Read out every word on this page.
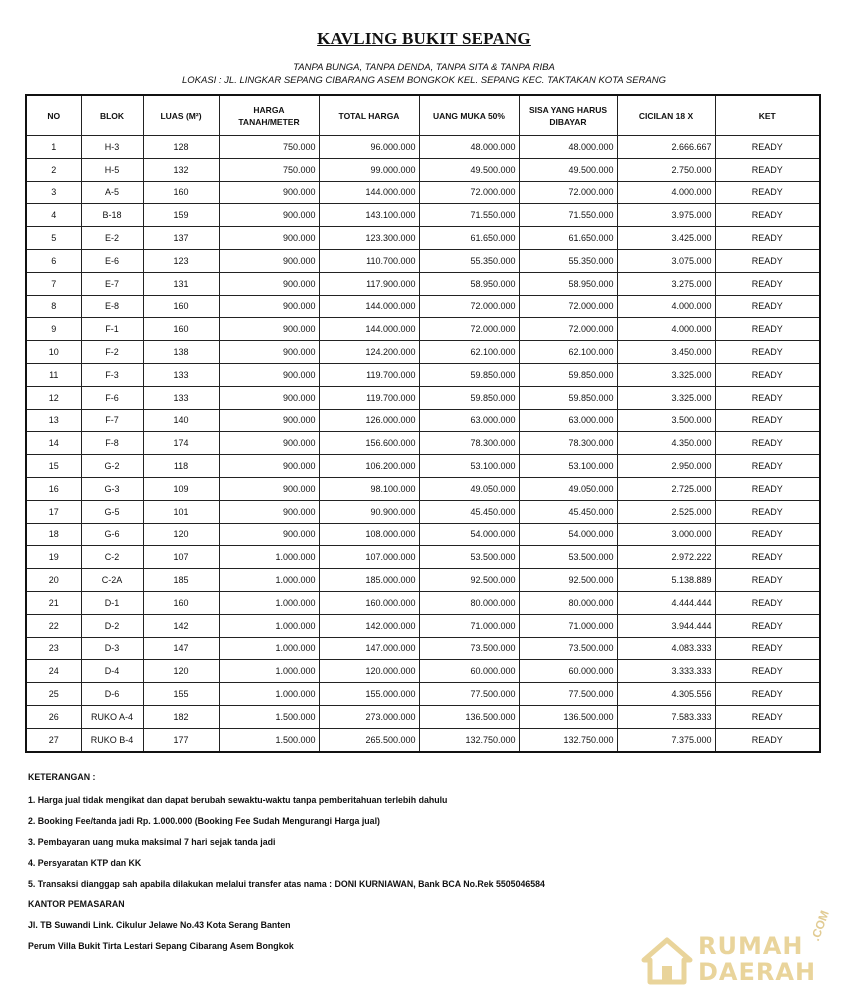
KAVLING BUKIT SEPANG
TANPA BUNGA, TANPA DENDA, TANPA SITA & TANPA RIBA
LOKASI : JL. LINGKAR SEPANG CIBARANG ASEM BONGKOK KEL. SEPANG KEC. TAKTAKAN KOTA SERANG
NO	BLOK	LUAS (M²)	HARGA TANAH/METER	TOTAL HARGA	UANG MUKA 50%	SISA YANG HARUS DIBAYAR	CICILAN 18 X	KET
1	H-3	128	750.000	96.000.000	48.000.000	48.000.000	2.666.667	READY
2	H-5	132	750.000	99.000.000	49.500.000	49.500.000	2.750.000	READY
3	A-5	160	900.000	144.000.000	72.000.000	72.000.000	4.000.000	READY
4	B-18	159	900.000	143.100.000	71.550.000	71.550.000	3.975.000	READY
5	E-2	137	900.000	123.300.000	61.650.000	61.650.000	3.425.000	READY
6	E-6	123	900.000	110.700.000	55.350.000	55.350.000	3.075.000	READY
7	E-7	131	900.000	117.900.000	58.950.000	58.950.000	3.275.000	READY
8	E-8	160	900.000	144.000.000	72.000.000	72.000.000	4.000.000	READY
9	F-1	160	900.000	144.000.000	72.000.000	72.000.000	4.000.000	READY
10	F-2	138	900.000	124.200.000	62.100.000	62.100.000	3.450.000	READY
11	F-3	133	900.000	119.700.000	59.850.000	59.850.000	3.325.000	READY
12	F-6	133	900.000	119.700.000	59.850.000	59.850.000	3.325.000	READY
13	F-7	140	900.000	126.000.000	63.000.000	63.000.000	3.500.000	READY
14	F-8	174	900.000	156.600.000	78.300.000	78.300.000	4.350.000	READY
15	G-2	118	900.000	106.200.000	53.100.000	53.100.000	2.950.000	READY
16	G-3	109	900.000	98.100.000	49.050.000	49.050.000	2.725.000	READY
17	G-5	101	900.000	90.900.000	45.450.000	45.450.000	2.525.000	READY
18	G-6	120	900.000	108.000.000	54.000.000	54.000.000	3.000.000	READY
19	C-2	107	1.000.000	107.000.000	53.500.000	53.500.000	2.972.222	READY
20	C-2A	185	1.000.000	185.000.000	92.500.000	92.500.000	5.138.889	READY
21	D-1	160	1.000.000	160.000.000	80.000.000	80.000.000	4.444.444	READY
22	D-2	142	1.000.000	142.000.000	71.000.000	71.000.000	3.944.444	READY
23	D-3	147	1.000.000	147.000.000	73.500.000	73.500.000	4.083.333	READY
24	D-4	120	1.000.000	120.000.000	60.000.000	60.000.000	3.333.333	READY
25	D-6	155	1.000.000	155.000.000	77.500.000	77.500.000	4.305.556	READY
26	RUKO A-4	182	1.500.000	273.000.000	136.500.000	136.500.000	7.583.333	READY
27	RUKO B-4	177	1.500.000	265.500.000	132.750.000	132.750.000	7.375.000	READY
KETERANGAN :
1. Harga jual tidak mengikat dan dapat berubah sewaktu-waktu tanpa pemberitahuan terlebih dahulu
2. Booking Fee/tanda jadi Rp. 1.000.000 (Booking Fee Sudah Mengurangi Harga jual)
3. Pembayaran uang muka maksimal 7 hari sejak tanda jadi
4. Persyaratan KTP dan KK
5. Transaksi dianggap sah apabila dilakukan melalui transfer atas nama : DONI KURNIAWAN, Bank BCA No.Rek 5505046584
KANTOR PEMASARAN
Jl. TB Suwandi Link. Cikulur Jelawe No.43 Kota Serang Banten
Perum Villa Bukit Tirta Lestari Sepang Cibarang Asem Bongkok	RUMAH
DAERAH
.COM
